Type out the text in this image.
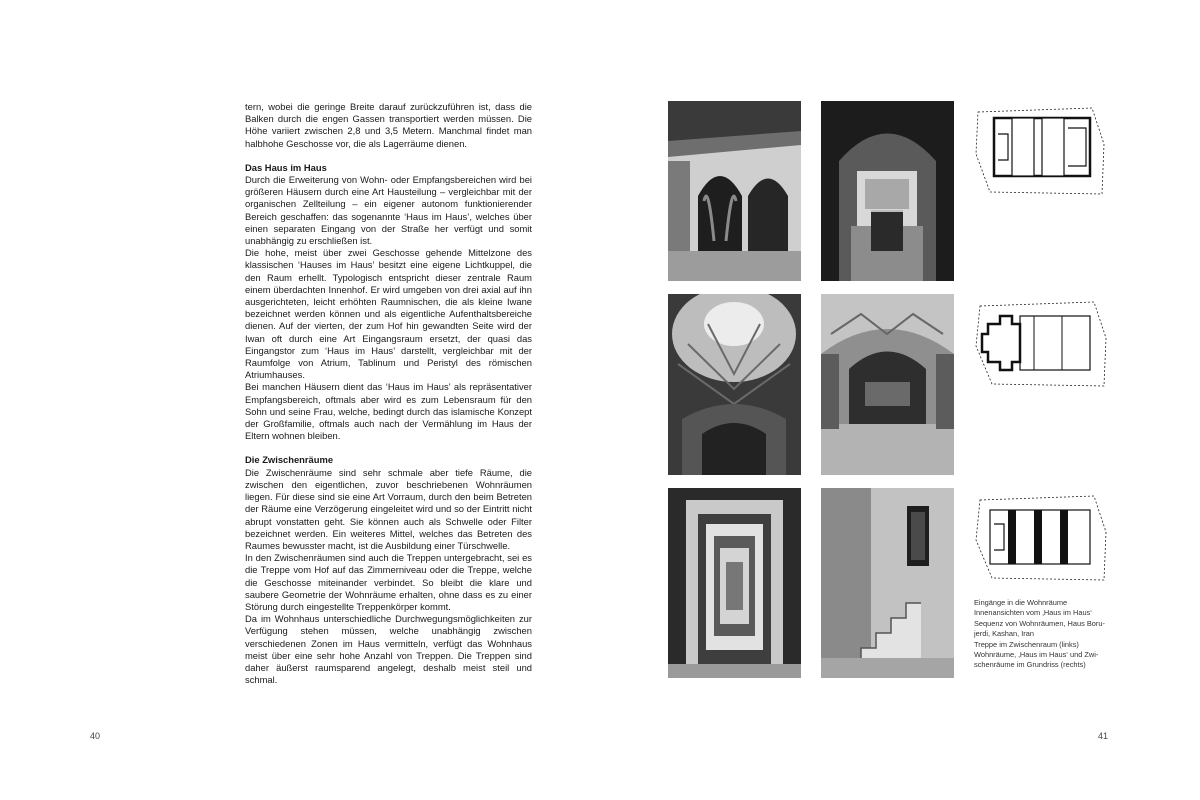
tern, wobei die geringe Breite darauf zurückzuführen ist, dass die Balken durch die engen Gassen transportiert werden müssen. Die Höhe variiert zwischen 2,8 und 3,5 Metern. Manchmal findet man halbhohe Geschosse vor, die als Lagerräume dienen.

Das Haus im Haus

Durch die Erweiterung von Wohn- oder Empfangsbereichen wird bei größeren Häusern durch eine Art Hausteilung – vergleichbar mit der organischen Zellteilung – ein eigener autonom funktionierender Bereich geschaffen: das sogenannte ‘Haus im Haus’, welches über einen separaten Eingang von der Straße her verfügt und somit unabhängig zu erschließen ist.

Die hohe, meist über zwei Geschosse gehende Mittelzone des klassischen ‘Hauses im Haus’ besitzt eine eigene Lichtkuppel, die den Raum erhellt. Typologisch entspricht dieser zentrale Raum einem überdachten Innenhof. Er wird umgeben von drei axial auf ihn ausgerichteten, leicht erhöhten Raumnischen, die als kleine Iwane bezeichnet werden können und als eigentliche Aufenthaltsbereiche dienen. Auf der vierten, der zum Hof hin gewandten Seite wird der Iwan oft durch eine Art Eingangsraum ersetzt, der quasi das Eingangstor zum ‘Haus im Haus’ darstellt, vergleichbar mit der Raumfolge von Atrium, Tablinum und Peristyl des römischen Atriumhauses.

Bei manchen Häusern dient das ‘Haus im Haus’ als repräsentativer Empfangsbereich, oftmals aber wird es zum Lebensraum für den Sohn und seine Frau, welche, bedingt durch das islamische Konzept der Großfamilie, oftmals auch nach der Vermählung im Haus der Eltern wohnen bleiben.

Die Zwischenräume

Die Zwischenräume sind sehr schmale aber tiefe Räume, die zwischen den eigentlichen, zuvor beschriebenen Wohnräumen liegen. Für diese sind sie eine Art Vorraum, durch den beim Betreten der Räume eine Verzögerung eingeleitet wird und so der Eintritt nicht abrupt vonstatten geht. Sie können auch als Schwelle oder Filter bezeichnet werden. Ein weiteres Mittel, welches das Betreten des Raumes bewusster macht, ist die Ausbildung einer Türschwelle.

In den Zwischenräumen sind auch die Treppen untergebracht, sei es die Treppe vom Hof auf das Zimmerniveau oder die Treppe, welche die Geschosse miteinander verbindet. So bleibt die klare und saubere Geometrie der Wohnräume erhalten, ohne dass es zu einer Störung durch eingestellte Treppenkörper kommt.

Da im Wohnhaus unterschiedliche Durchwegungsmöglichkeiten zur Verfügung stehen müssen, welche unabhängig zwischen verschiedenen Zonen im Haus vermitteln, verfügt das Wohnhaus meist über eine sehr hohe Anzahl von Treppen. Die Treppen sind daher äußerst raumsparend angelegt, deshalb meist steil und schmal.

40	41
Eingänge in die Wohnräume
Innenansichten vom ‚Haus im Haus‘
Sequenz von Wohnräumen, Haus Boru-
jerdi, Kashan, Iran
Treppe im Zwischenraum (links)
Wohnräume, ‚Haus im Haus‘ und Zwi-
schenräume im Grundriss (rechts)
